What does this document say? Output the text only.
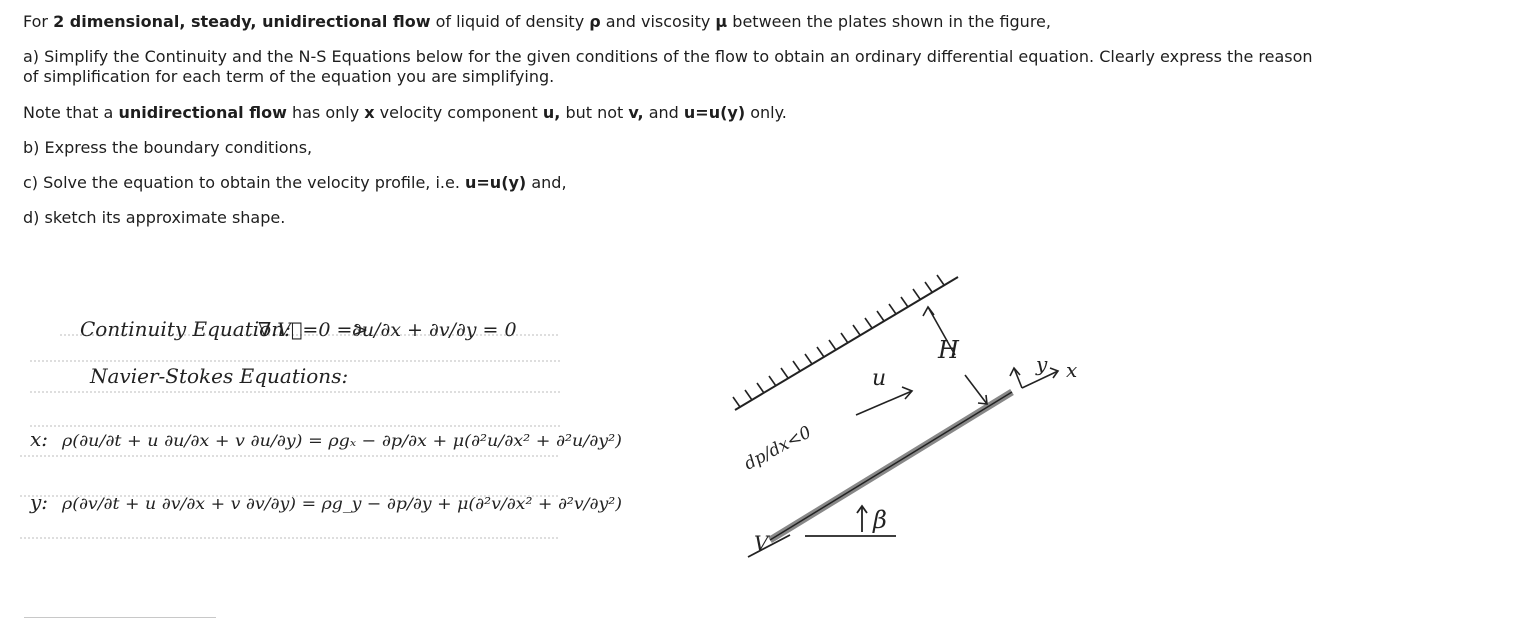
For 2 dimensional, steady, unidirectional flow of liquid of density ρ and viscosity μ between the plates shown in the figure,
a) Simplify the Continuity and the N-S Equations below for the given conditions of the flow to obtain an ordinary differential equation. Clearly express the reason
of simplification for each term of the equation you are simplifying.
Note that a unidirectional flow has only x velocity component u, but not v, and u=u(y) only.
b) Express the boundary conditions,
c) Solve the equation to obtain the velocity profile, i.e. u=u(y) and,
d) sketch its approximate shape.
Continuity Equation:
∇.V⃗=0 =>
∂u/∂x + ∂v/∂y = 0
Navier-Stokes Equations:
x: ρ(∂u/∂t + u ∂u/∂x + v ∂u/∂y) = ρgₓ − ∂p/∂x + μ(∂²u/∂x² + ∂²u/∂y²)
y: ρ(∂v/∂t + u ∂v/∂x + v ∂v/∂y) = ρg_y − ∂p/∂y + μ(∂²v/∂x² + ∂²v/∂y²)
H
u
dp/dx<0
β
V
y x
